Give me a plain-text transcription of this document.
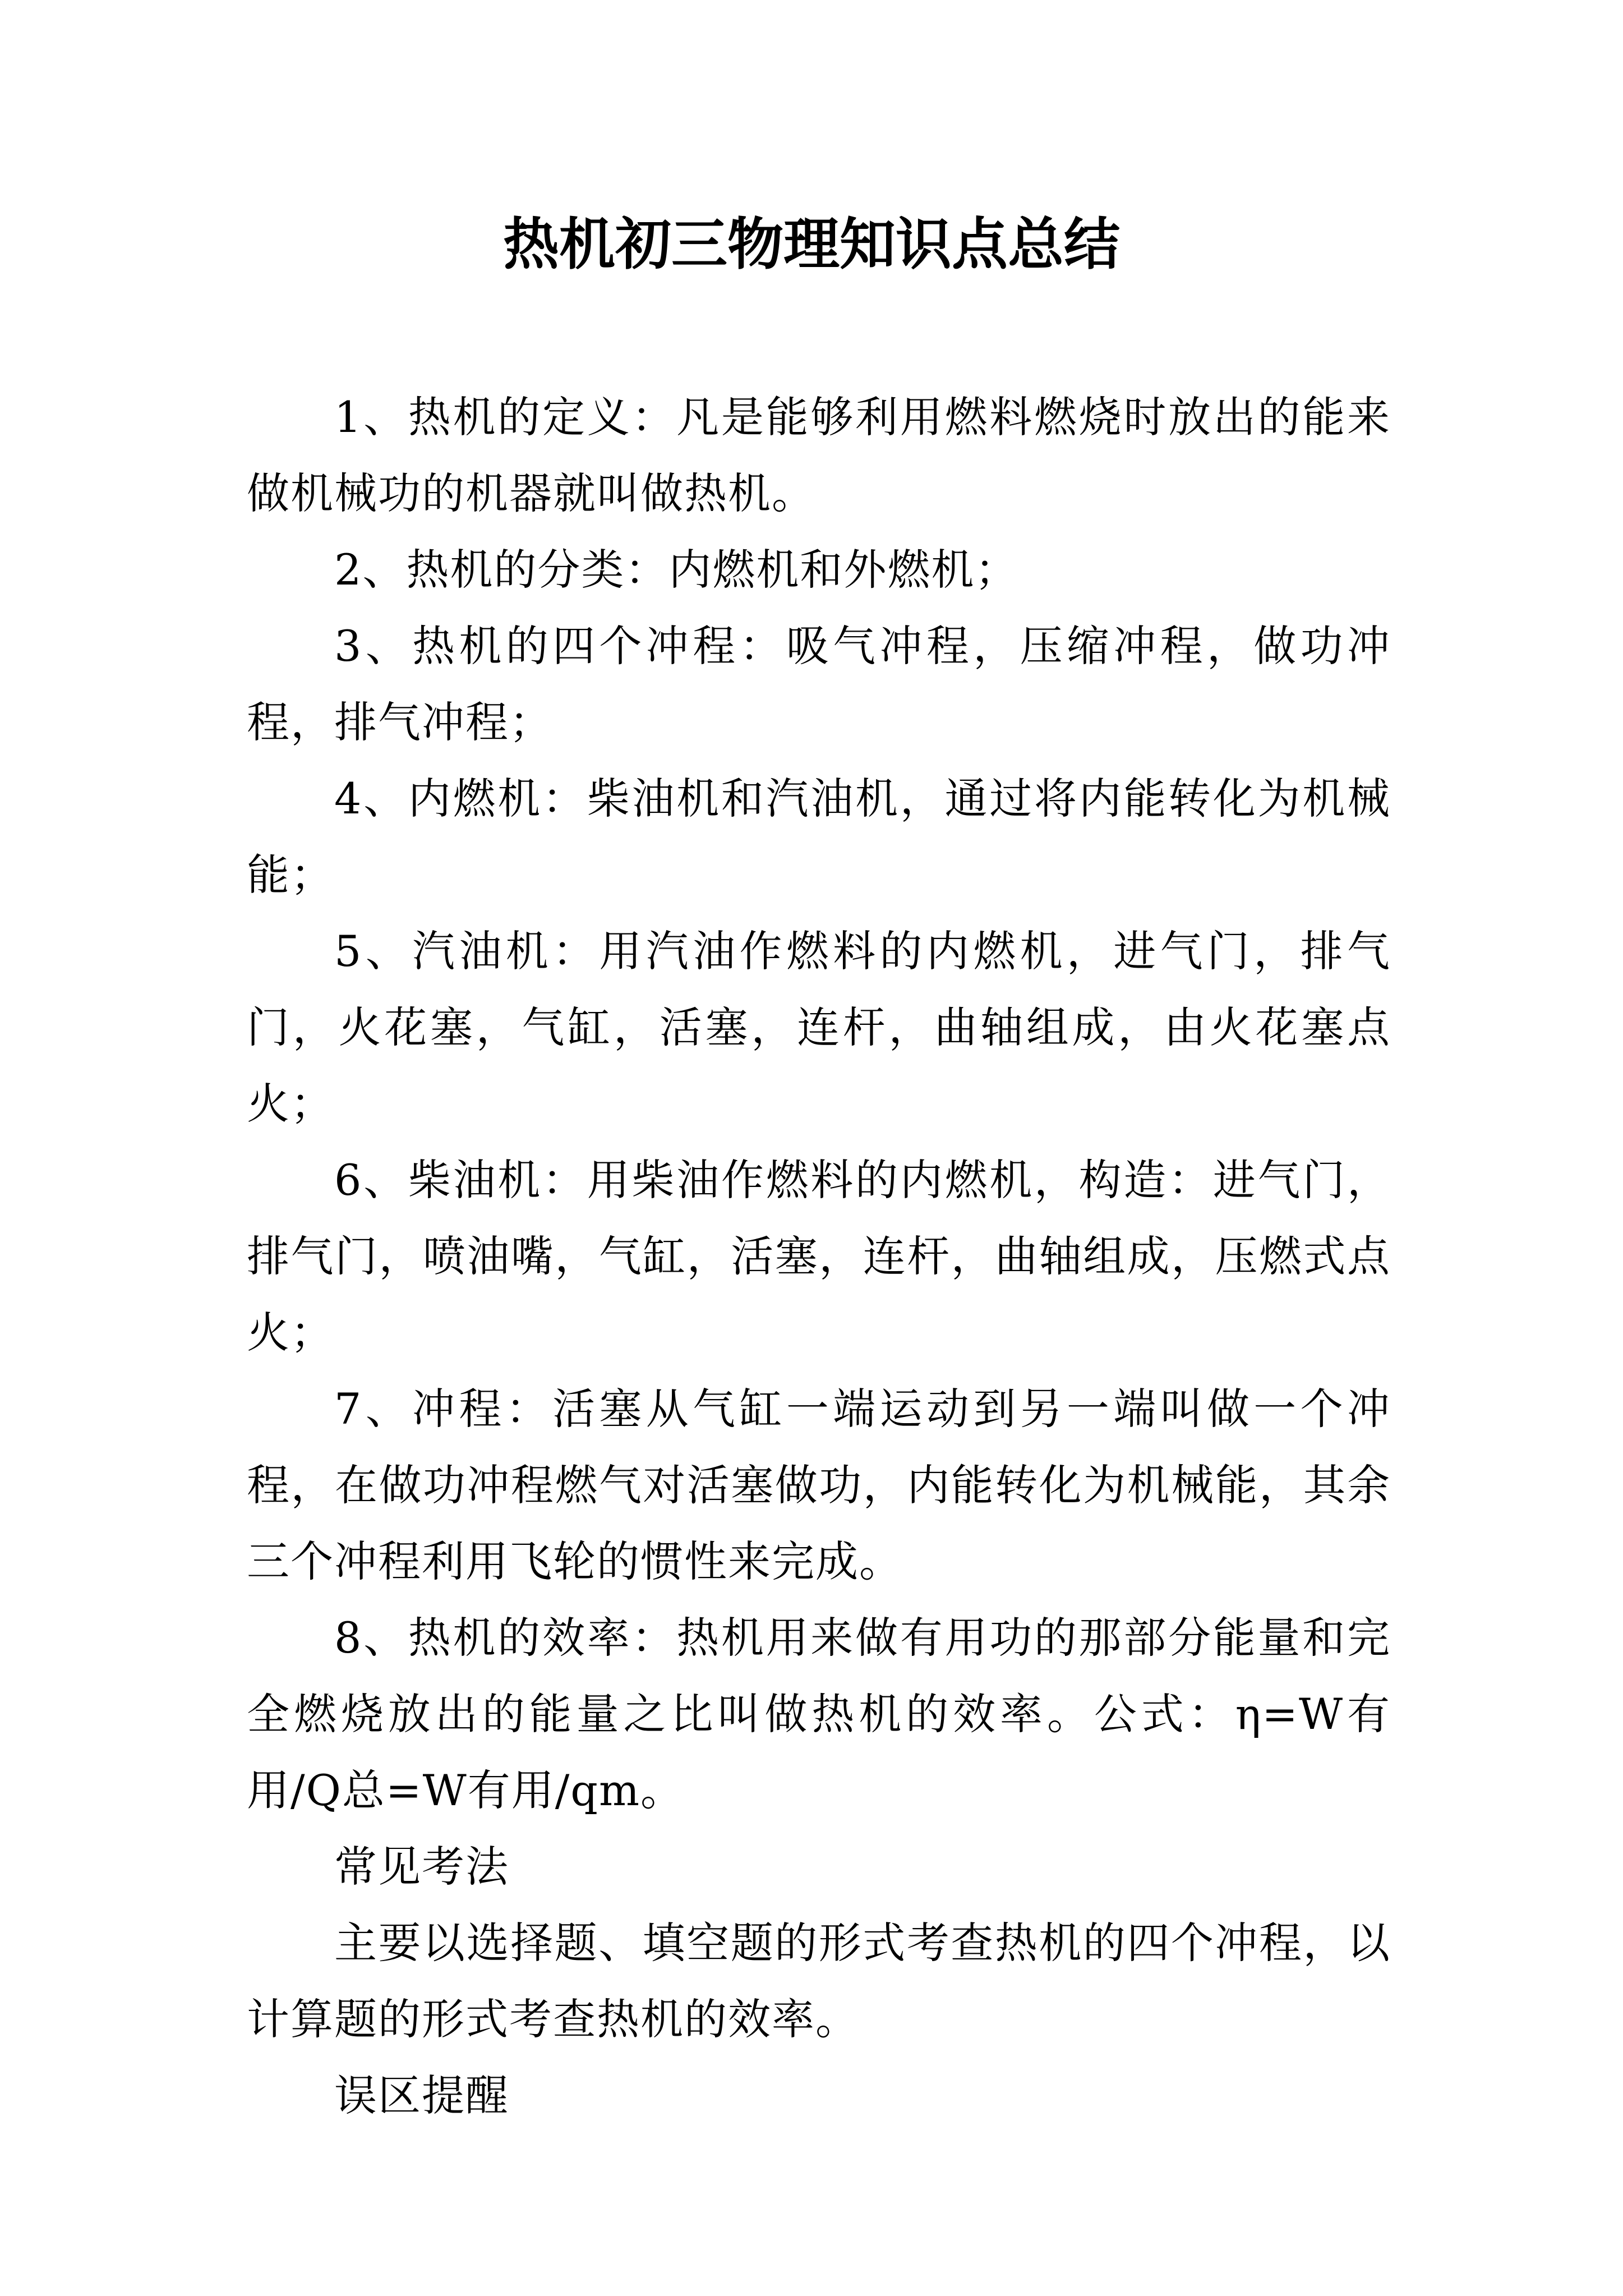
热机初三物理知识点总结

1、热机的定义：凡是能够利用燃料燃烧时放出的能来做机械功的机器就叫做热机。

2、热机的分类：内燃机和外燃机；

3、热机的四个冲程：吸气冲程，压缩冲程，做功冲程，排气冲程；

4、内燃机：柴油机和汽油机，通过将内能转化为机械能；

5、汽油机：用汽油作燃料的内燃机，进气门，排气门，火花塞，气缸，活塞，连杆，曲轴组成，由火花塞点火；

6、柴油机：用柴油作燃料的内燃机，构造：进气门，排气门，喷油嘴，气缸，活塞，连杆，曲轴组成，压燃式点火；

7、冲程：活塞从气缸一端运动到另一端叫做一个冲程，在做功冲程燃气对活塞做功，内能转化为机械能，其余三个冲程利用飞轮的惯性来完成。

8、热机的效率：热机用来做有用功的那部分能量和完全燃烧放出的能量之比叫做热机的效率。公式：η=W有用/Q总=W有用/qm。

常见考法

主要以选择题、填空题的形式考查热机的四个冲程，以计算题的形式考查热机的效率。

误区提醒
